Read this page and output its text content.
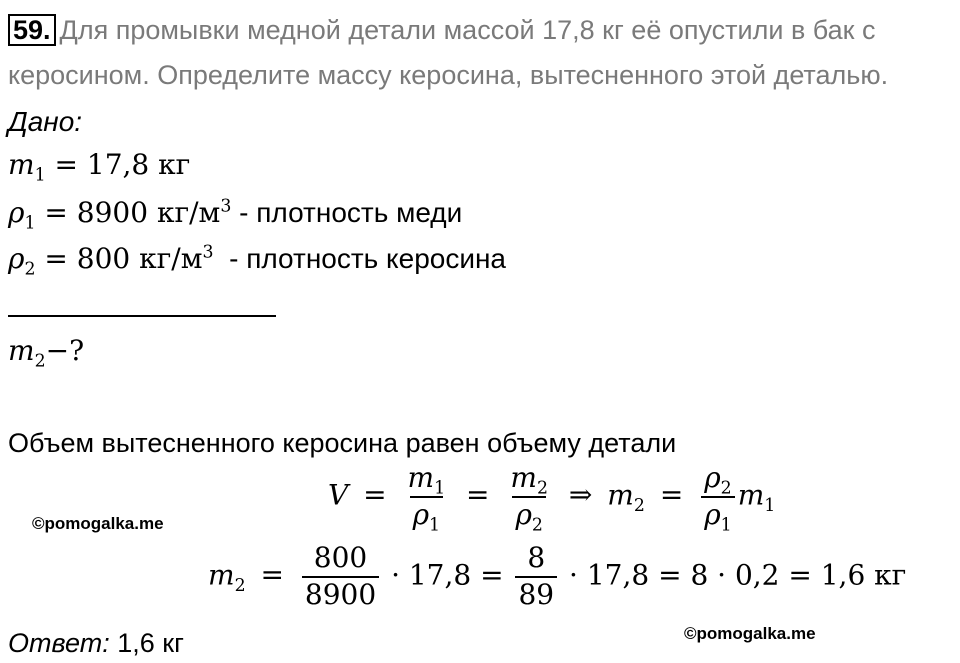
59. Для промывки медной детали массой 17,8 кг её опустили в бак с
керосином. Определите массу керосина, вытесненного этой деталью.
Дано:
$m_1 = 17,8$ кг
$\rho_1 = 8900$ $кг/м^3$ - плотность меди
$\rho_2 = 800$ $кг/м^3$ - плотность керосина
$m_2-$?
Объем вытесненного керосина равен объему детали
$V = \frac{m_1}{\rho_1} = \frac{m_2}{\rho_2}$ ⇒ $m_2 = \frac{\rho_2}{\rho_1} m_1$
©pomogalka.me
$m_2 = \frac{800}{8900} \cdot 17,8 = \frac{8}{89} \cdot 17,8 = 8 \cdot 0,2 = 1,6$ кг
Ответ: 1,6 кг	©pomogalka.me
